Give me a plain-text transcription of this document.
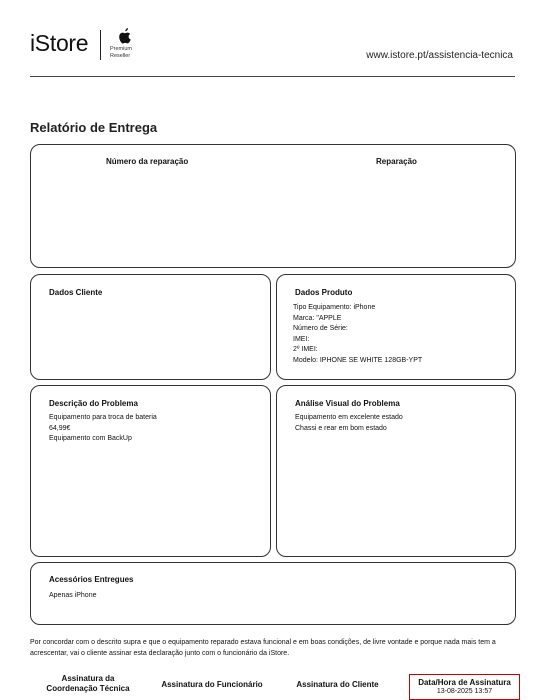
iStore	Premium
Reseller	www.istore.pt/assistencia-tecnica
Relatório de Entrega
Número da reparação	Reparação
Dados Cliente	Dados Produto
Tipo Equipamento: iPhone
Marca: "APPLE
Número de Série:
IMEI:
2º IMEI:
Modelo: IPHONE SE WHITE 128GB-YPT
Descrição do Problema
Equipamento para troca de bateria
64,99€
Equipamento com BackUp
Análise Visual do Problema
Equipamento em excelente estado
Chassi e rear em bom estado
Acessórios Entregues
Apenas iPhone
Por concordar com o descrito supra e que o equipamento reparado estava funcional e em boas condições, de livre vontade e porque nada mais tem a acrescentar, vai o cliente assinar esta declaração junto com o funcionário da iStore.
Assinatura da
Coordenação Técnica	Assinatura do Funcionário	Assinatura do Cliente	Data/Hora de Assinatura
13-08-2025 13:57
